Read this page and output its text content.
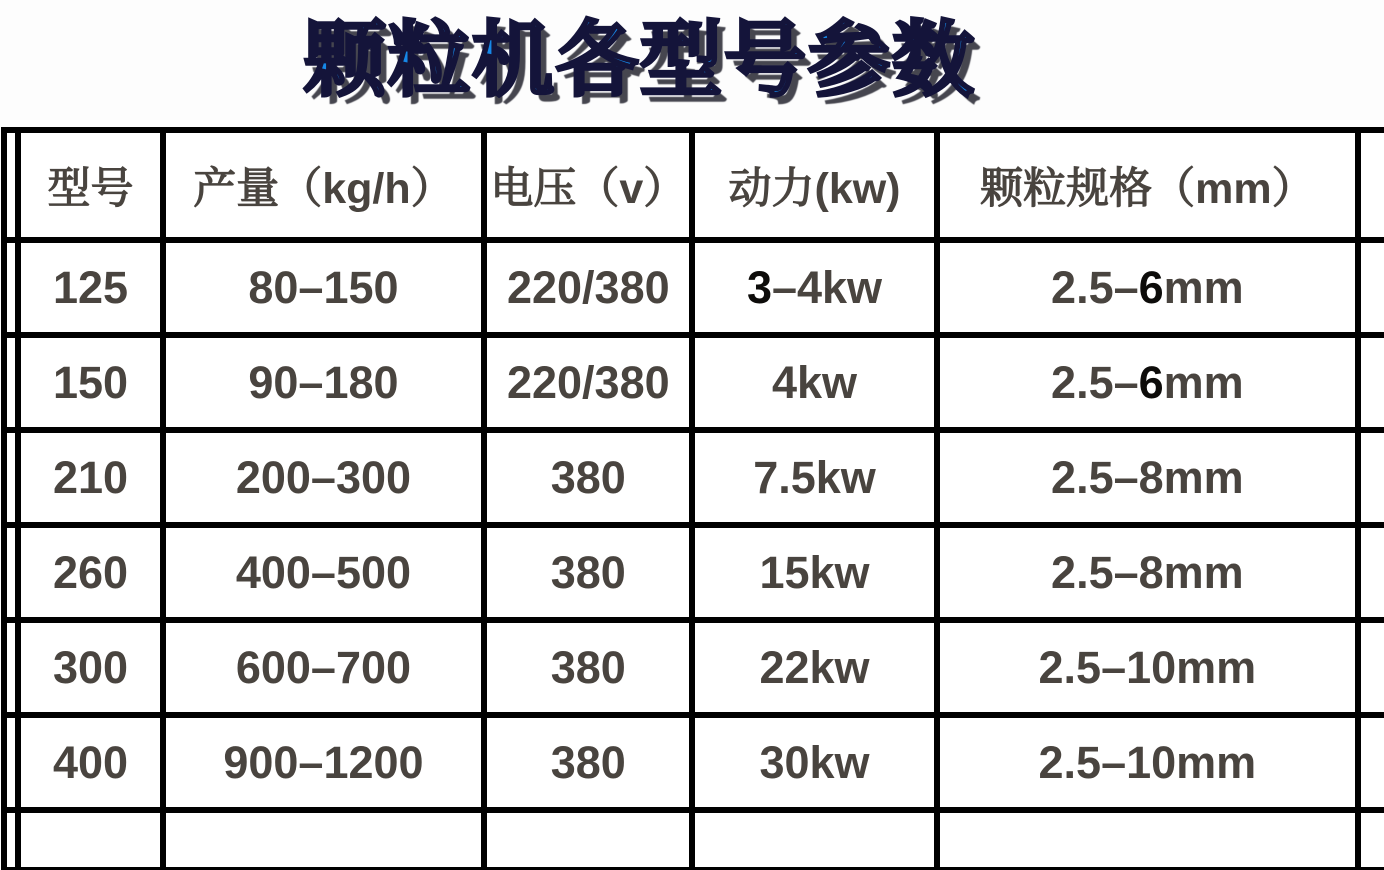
颗粒机各型号参数
	型号	产量（kg/h）	电压（v）	动力(kw)	颗粒规格（mm）	
	125	80–150	220/380	3–4kw	2.5–6mm	
	150	90–180	220/380	4kw	2.5–6mm	
	210	200–300	380	7.5kw	2.5–8mm	
	260	400–500	380	15kw	2.5–8mm	
	300	600–700	380	22kw	2.5–10mm	
	400	900–1200	380	30kw	2.5–10mm	
